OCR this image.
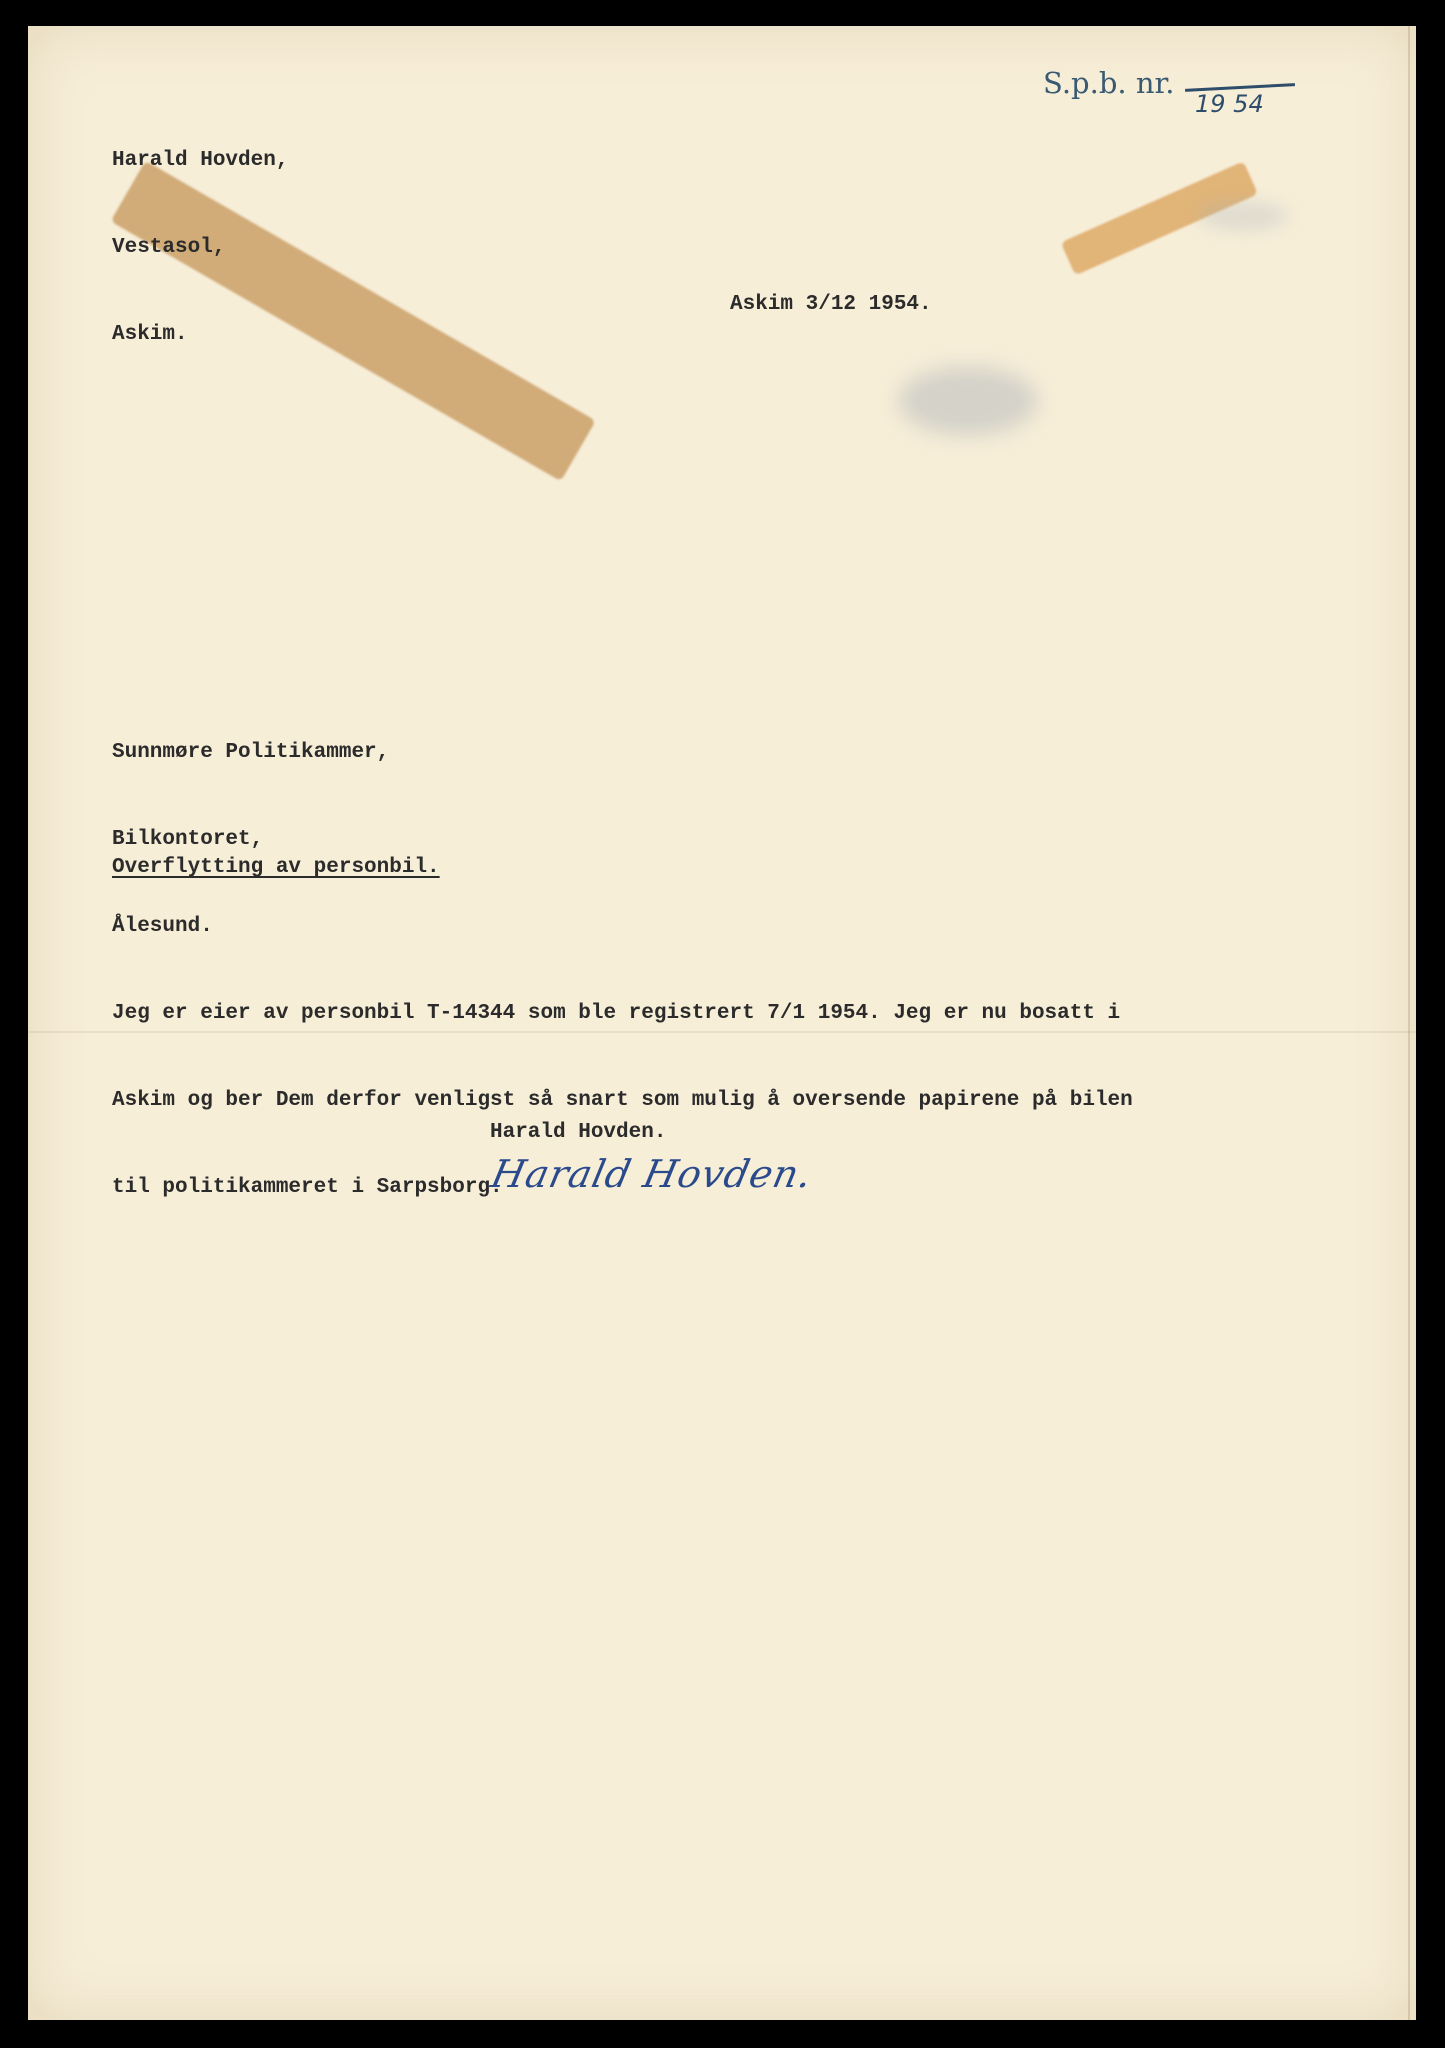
Harald Hovden,

Vestasol,

Askim.

S.p.b. nr.
19 54
Askim 3/12 1954.

Sunnmøre Politikammer,

Bilkontoret,

Ålesund.

Overflytting av personbil.

Jeg er eier av personbil T-14344 som ble registrert 7/1 1954. Jeg er nu bosatt i

Askim og ber Dem derfor venligst så snart som mulig å oversende papirene på bilen

til politikammeret i Sarpsborg.

Harald Hovden.
Harald Hovden.
